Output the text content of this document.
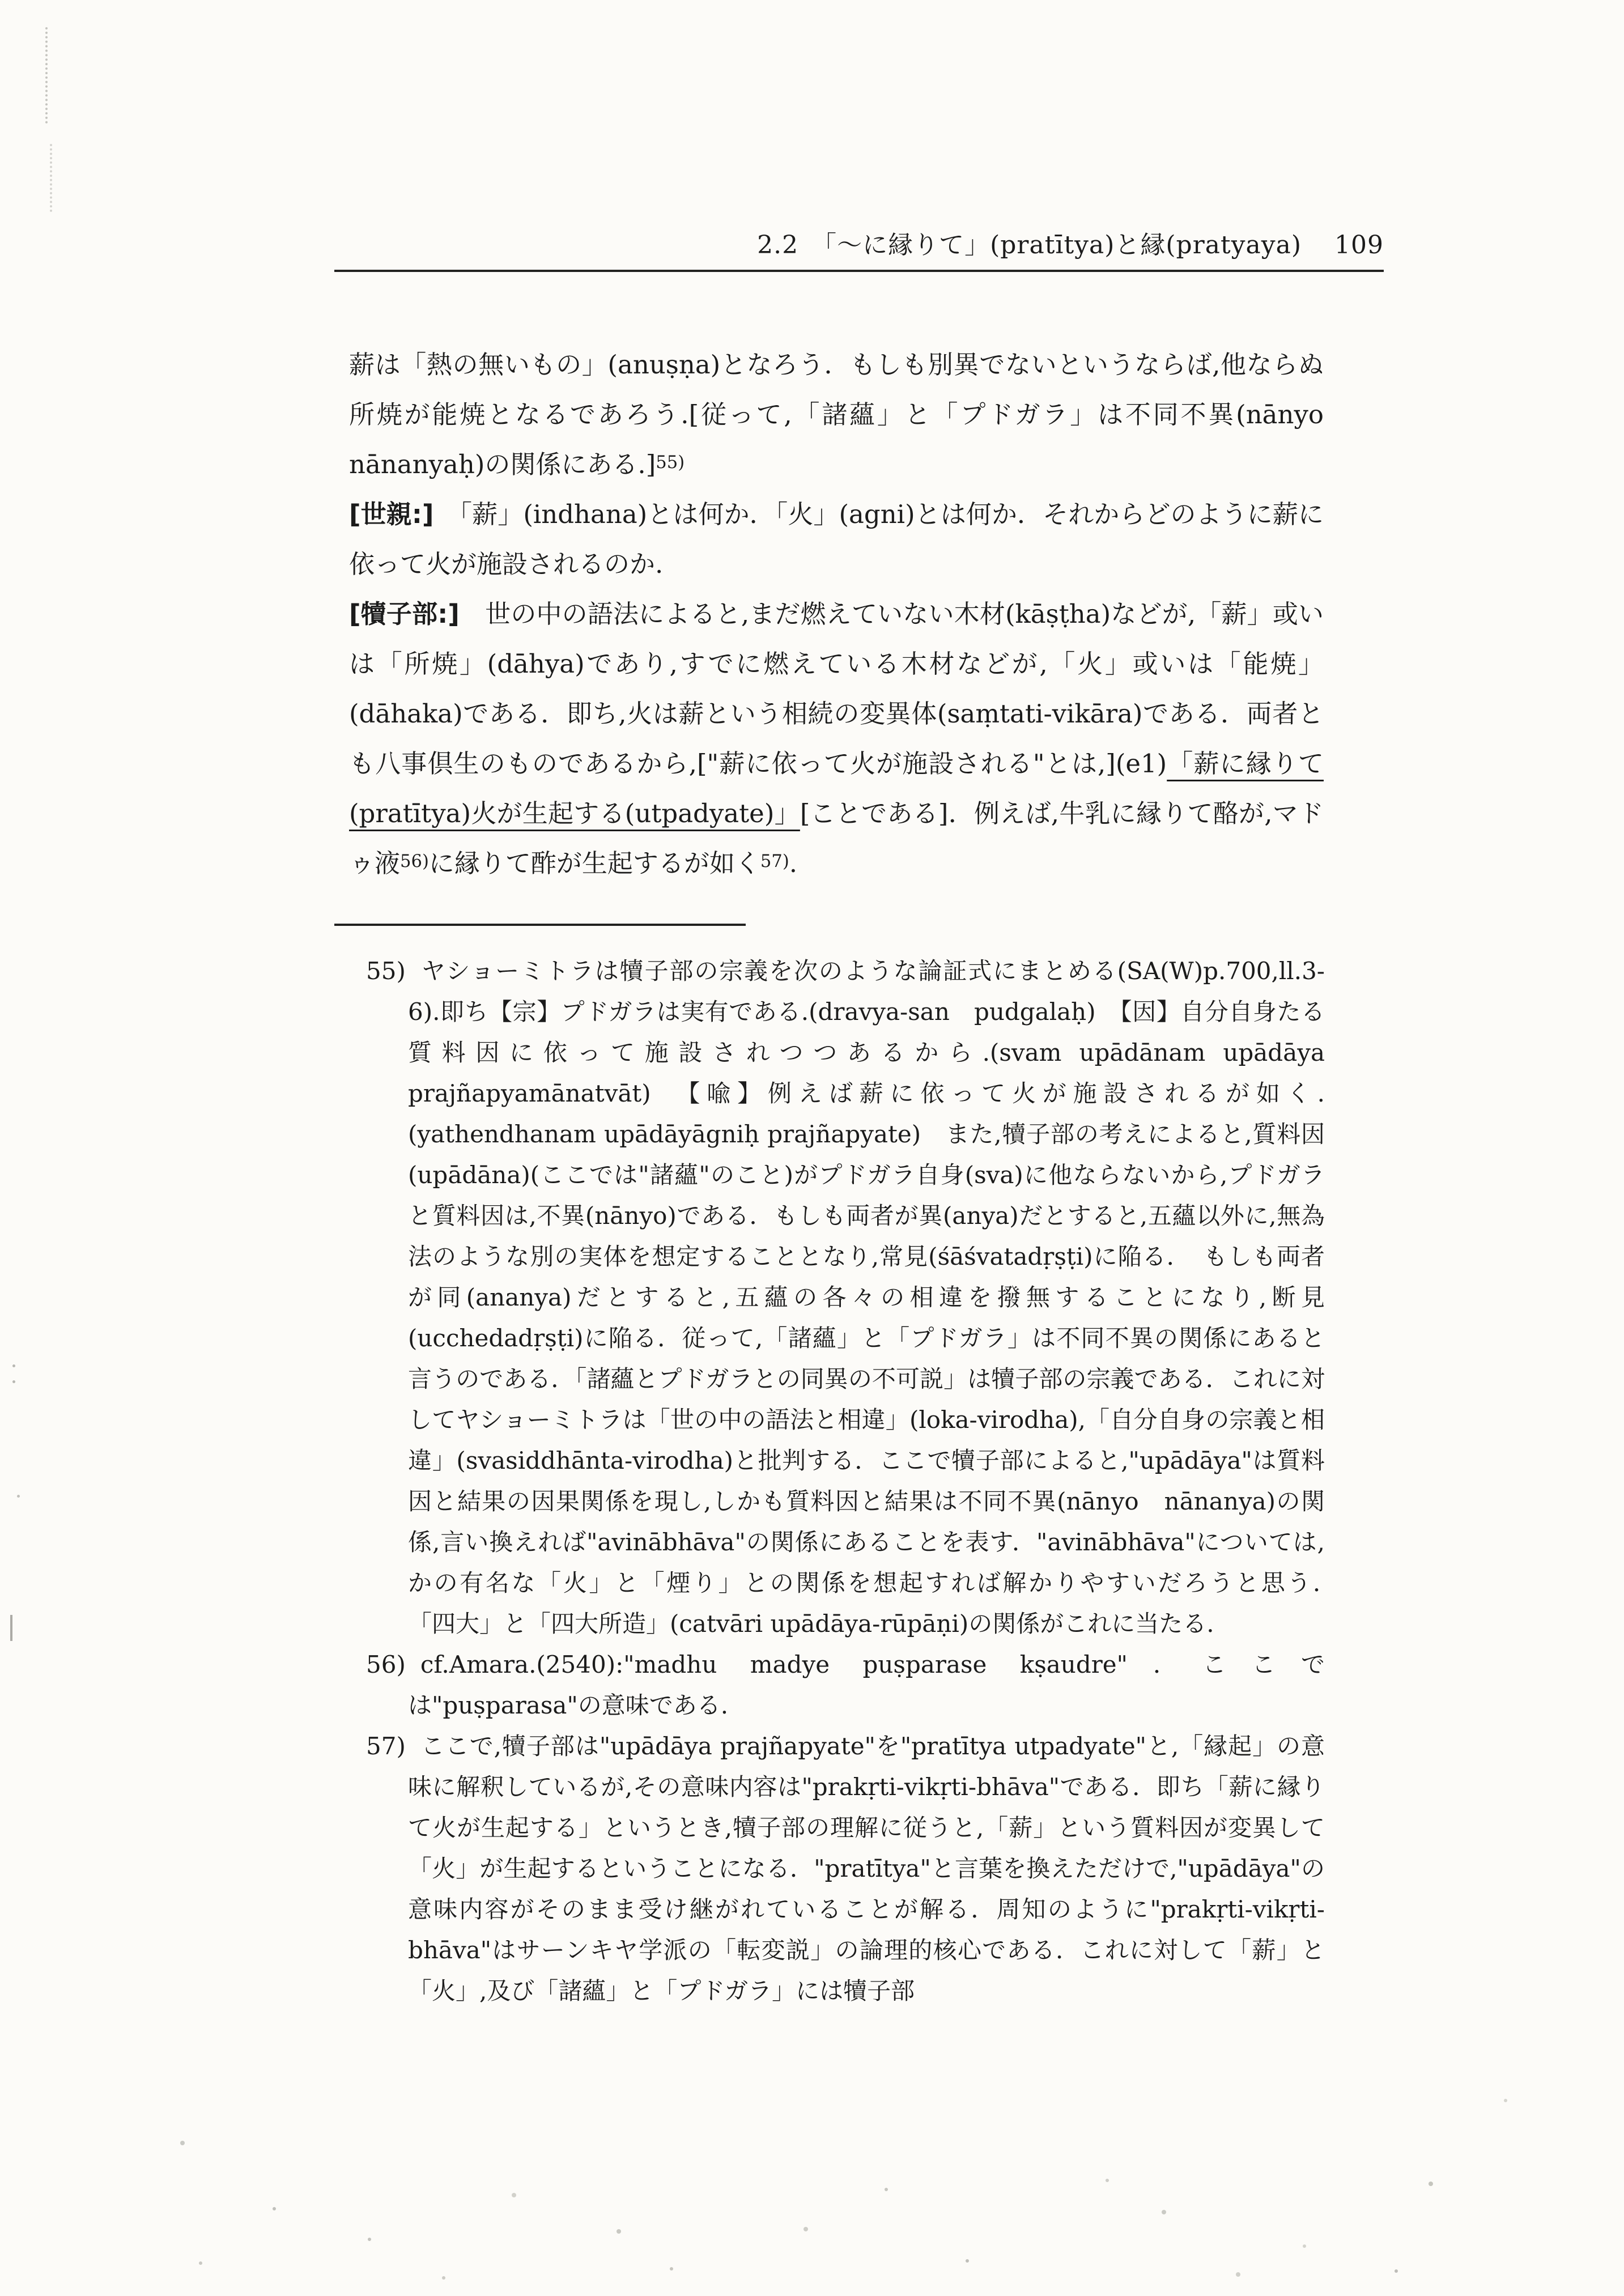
2.2　「〜に縁りて」(pratītya)と縁(pratyaya) 109

薪は「熱の無いもの」(anuṣṇa)となろう．もしも別異でないというならば,他ならぬ所焼が能焼となるであろう.[従って,「諸蘊」と「プドガラ」は不同不異(nānyo　nānanyaḥ)の関係にある.]$^{55)}$

[世親:]　「薪」(indhana)とは何か．「火」(agni)とは何か．それからどのように薪に依って火が施設されるのか.

[犢子部:]　世の中の語法によると,まだ燃えていない木材(kāṣṭha)などが,「薪」或いは「所焼」(dāhya)であり,すでに燃えている木材などが,「火」或いは「能焼」(dāhaka)である．即ち,火は薪という相続の変異体(saṃtati-vikāra)である．両者とも八事倶生のものであるから,["薪に依って火が施設される"とは,](e1)「薪に縁りて(pratītya)火が生起する(utpadyate)」[ことである]．例えば,牛乳に縁りて酪が,マドゥ液$^{56)}$に縁りて酢が生起するが如く$^{57)}$.

55) ヤショーミトラは犢子部の宗義を次のような論証式にまとめる(SA(W)p.700,ll.3-6).即ち【宗】プドガラは実有である.(dravya-san　pudgalaḥ)　【因】自分自身たる質料因に依って施設されつつあるから.(svam upādānam upādāya prajñapyamānatvāt)　【喩】例えば薪に依って火が施設されるが如く.(yathendhanam upādāyāgniḥ prajñapyate)　また,犢子部の考えによると,質料因(upādāna)(ここでは"諸蘊"のこと)がプドガラ自身(sva)に他ならないから,プドガラと質料因は,不異(nānyo)である．もしも両者が異(anya)だとすると,五蘊以外に,無為法のような別の実体を想定することとなり,常見(śāśvatadṛṣṭi)に陥る．　もしも両者が同(ananya)だとすると,五蘊の各々の相違を撥無することになり,断見(ucchedadṛṣṭi)に陥る．従って,「諸蘊」と「プドガラ」は不同不異の関係にあると言うのである．「諸蘊とプドガラとの同異の不可説」は犢子部の宗義である．これに対してヤショーミトラは「世の中の語法と相違」(loka-virodha),「自分自身の宗義と相違」(svasiddhānta-virodha)と批判する．ここで犢子部によると,"upādāya"は質料因と結果の因果関係を現し,しかも質料因と結果は不同不異(nānyo　nānanya)の関係,言い換えれば"avinābhāva"の関係にあることを表す．"avinābhāva"については,かの有名な「火」と「煙り」との関係を想起すれば解かりやすいだろうと思う．　　「四大」と「四大所造」(catvāri upādāya-rūpāṇi)の関係がこれに当たる.

56) cf.Amara.(2540):"madhu madye puṣparase kṣaudre"．ここでは"puṣparasa"の意味である.

57) ここで,犢子部は"upādāya prajñapyate"を"pratītya utpadyate"と,「縁起」の意味に解釈しているが,その意味内容は"prakṛti-vikṛti-bhāva"である．即ち「薪に縁りて火が生起する」というとき,犢子部の理解に従うと,「薪」という質料因が変異して「火」が生起するということになる．"pratītya"と言葉を換えただけで,"upādāya"の意味内容がそのまま受け継がれていることが解る．周知のように"prakṛti-vikṛti-bhāva"はサーンキヤ学派の「転変説」の論理的核心である．これに対して「薪」と「火」,及び「諸蘊」と「プドガラ」には犢子部
